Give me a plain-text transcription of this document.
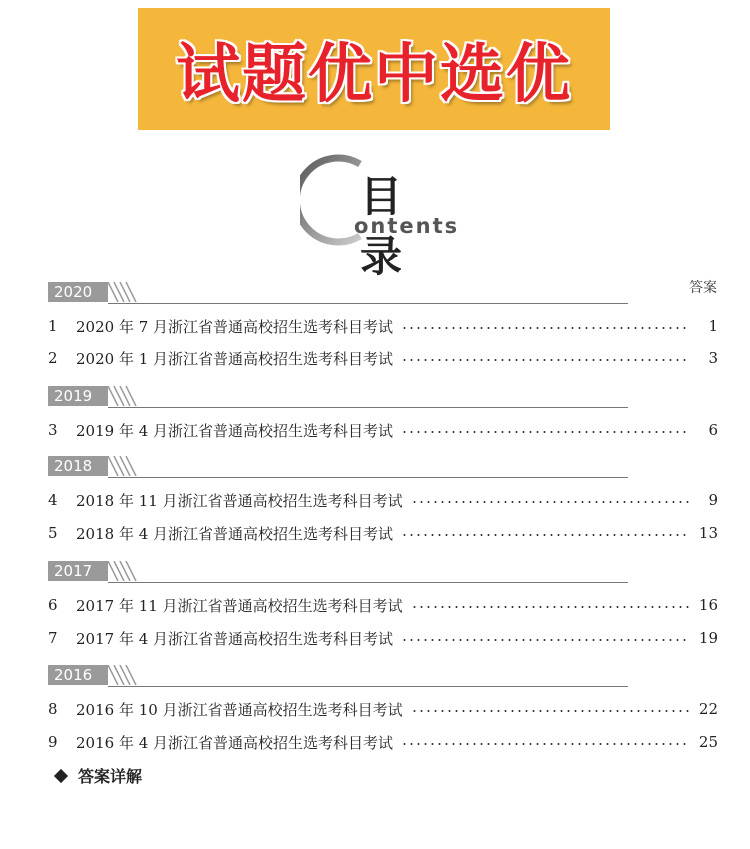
试题优中选优
目 录
ontents
答案
2020
1	2020 年 7 月浙江省普通高校招生选考科目考试	1
2	2020 年 1 月浙江省普通高校招生选考科目考试	3
2019
3	2019 年 4 月浙江省普通高校招生选考科目考试	6
2018
4	2018 年 11 月浙江省普通高校招生选考科目考试	9
5	2018 年 4 月浙江省普通高校招生选考科目考试	13
2017
6	2017 年 11 月浙江省普通高校招生选考科目考试	16
7	2017 年 4 月浙江省普通高校招生选考科目考试	19
2016
8	2016 年 10 月浙江省普通高校招生选考科目考试	22
9	2016 年 4 月浙江省普通高校招生选考科目考试	25
答案详解
